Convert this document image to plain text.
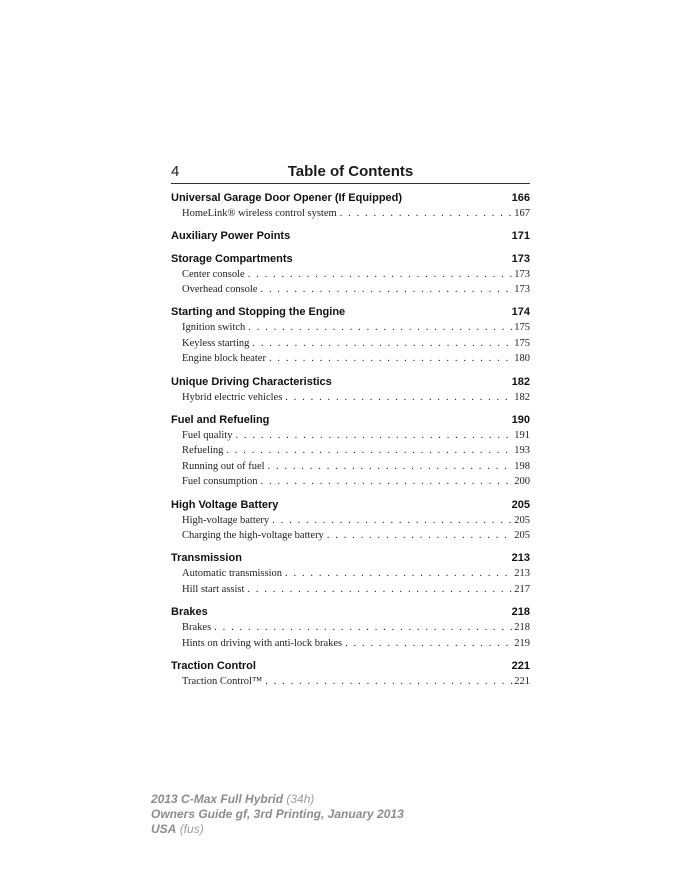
4	Table of Contents
Universal Garage Door Opener (If Equipped)	166
HomeLink® wireless control system . . .	167
Auxiliary Power Points	171
Storage Compartments	173
Center console . . .	173
Overhead console . . .	173
Starting and Stopping the Engine	174
Ignition switch . . .	175
Keyless starting . . .	175
Engine block heater . . .	180
Unique Driving Characteristics	182
Hybrid electric vehicles . . .	182
Fuel and Refueling	190
Fuel quality . . .	191
Refueling . . .	193
Running out of fuel . . .	198
Fuel consumption . . .	200
High Voltage Battery	205
High-voltage battery . . .	205
Charging the high-voltage battery . . .	205
Transmission	213
Automatic transmission . . .	213
Hill start assist . . .	217
Brakes	218
Brakes . . .	218
Hints on driving with anti-lock brakes . . .	219
Traction Control	221
Traction Control™ . . .	221
2013 C-Max Full Hybrid (34h)
Owners Guide gf, 3rd Printing, January 2013
USA (fus)
